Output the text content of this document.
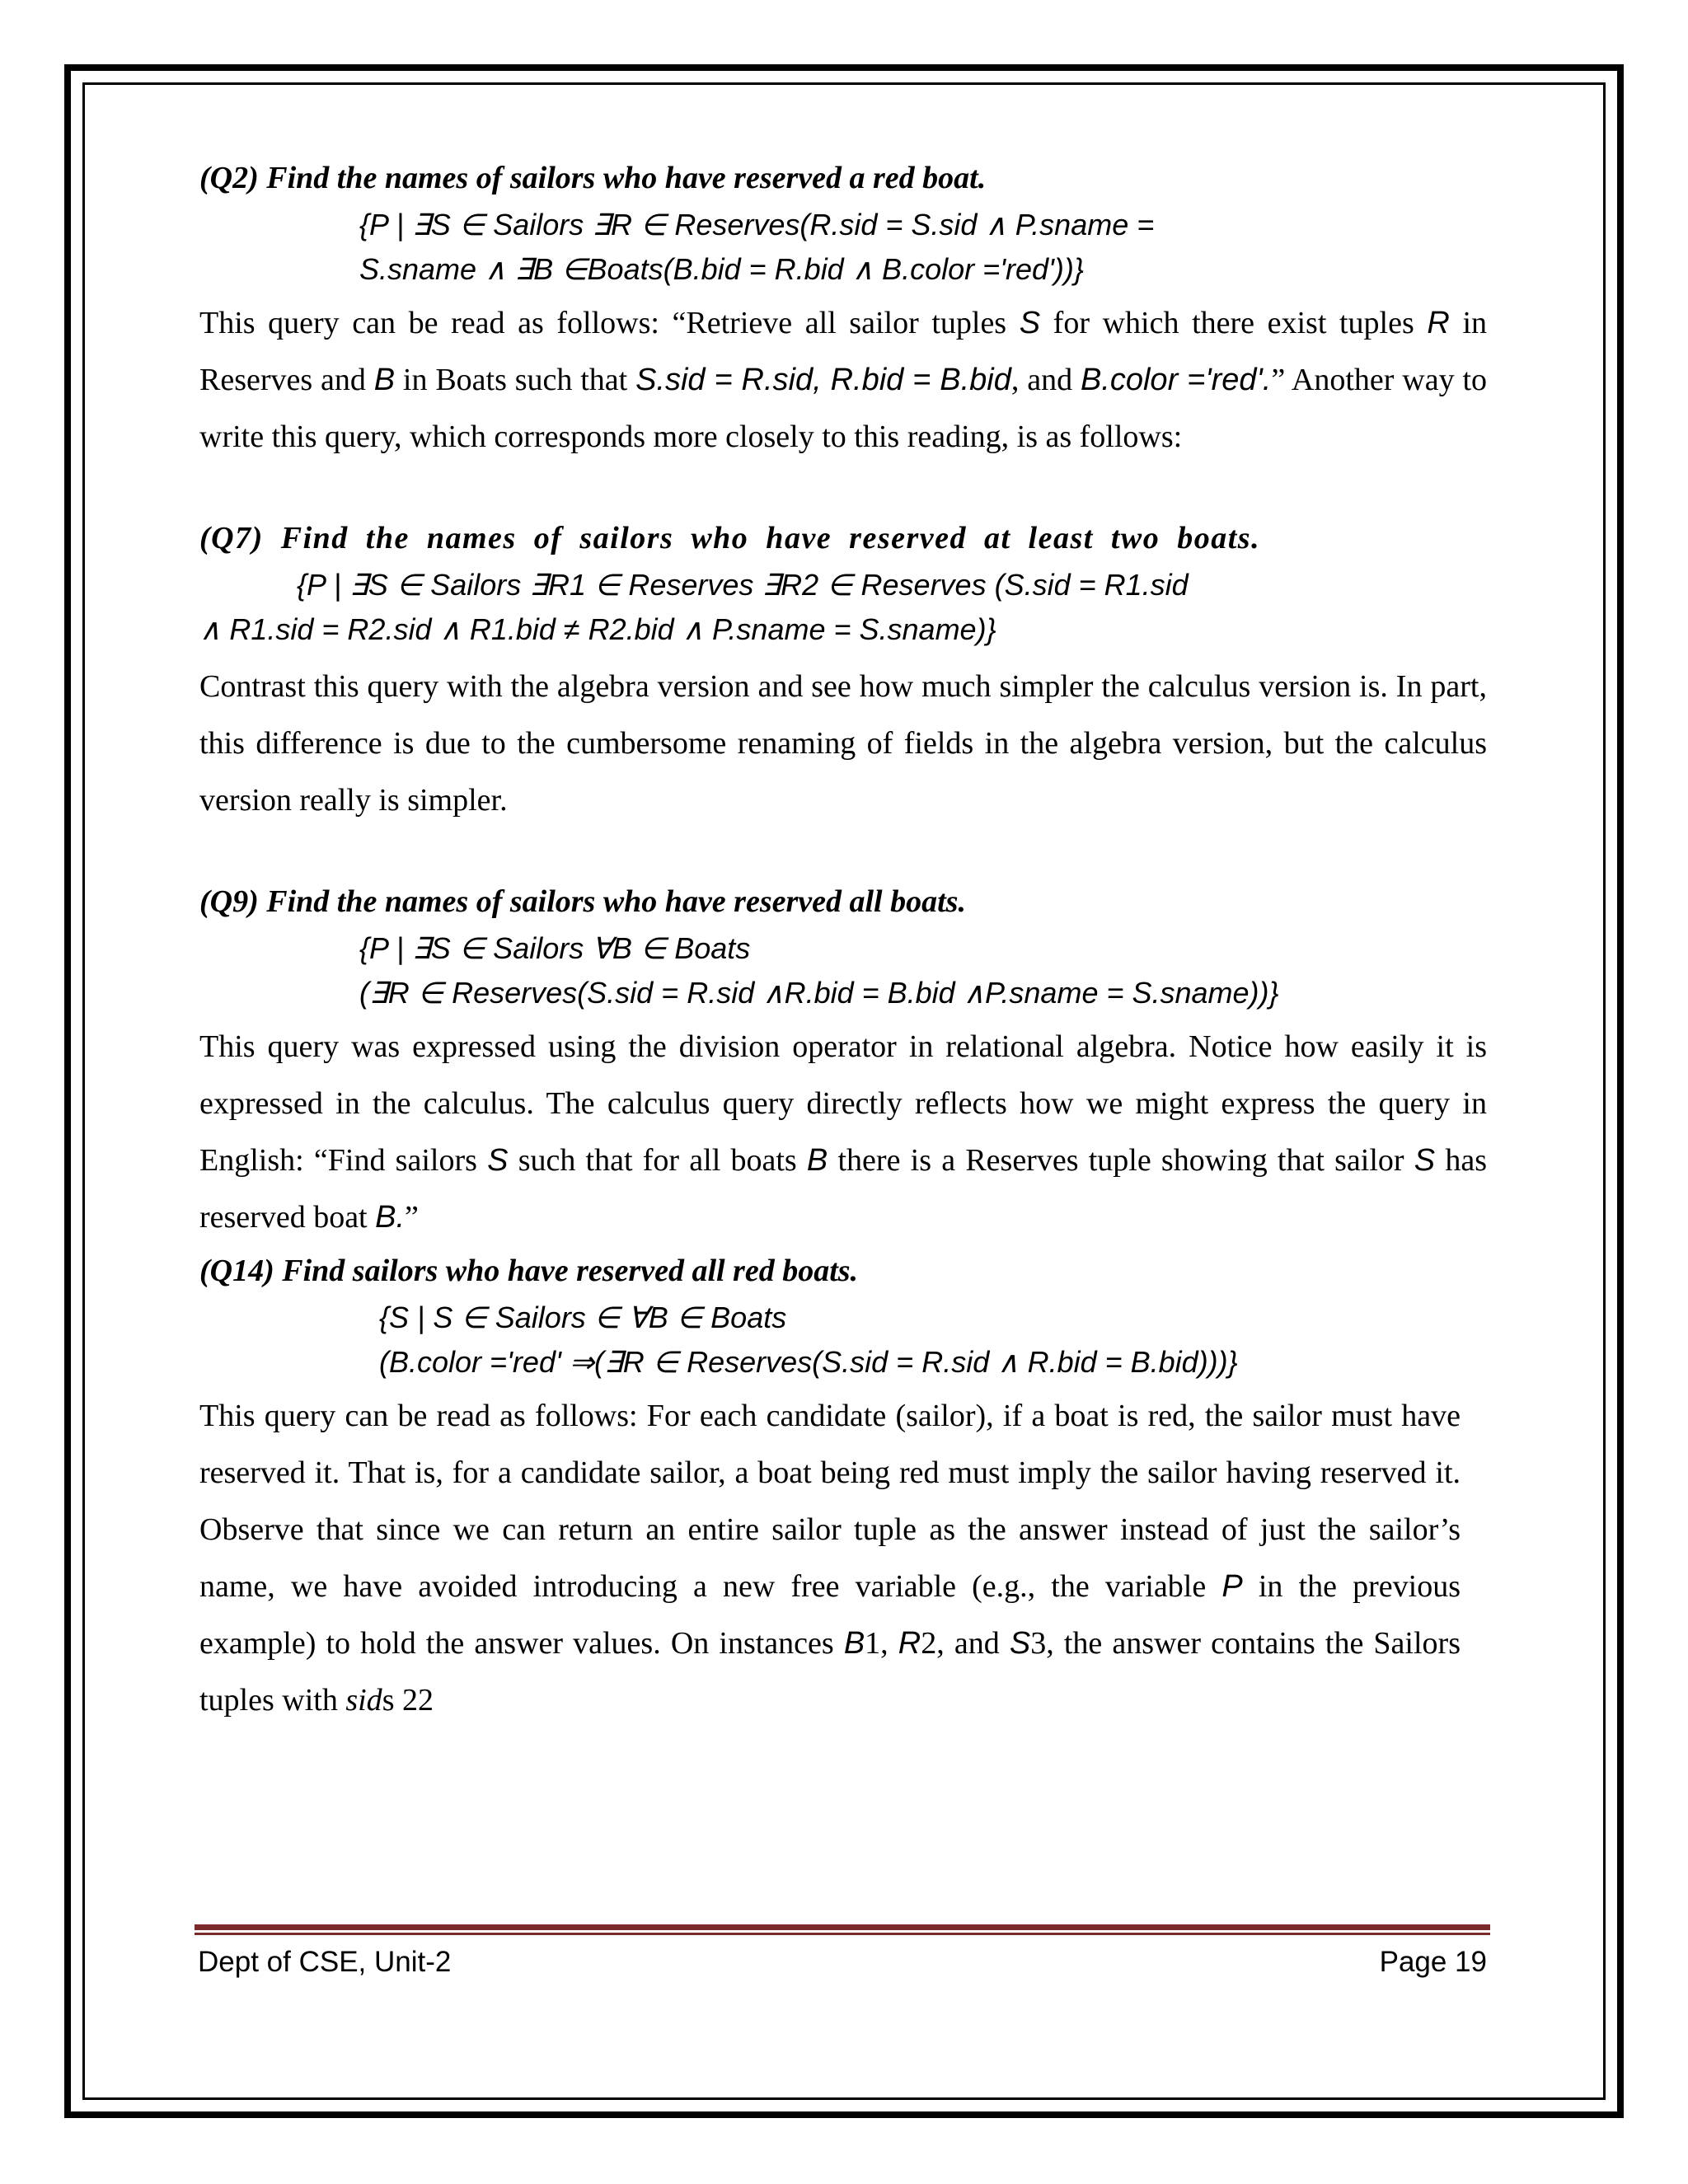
(Q2) Find the names of sailors who have reserved a red boat.

{P | ∃S ∈ Sailors ∃R ∈ Reserves(R.sid = S.sid ∧ P.sname =
S.sname ∧ ∃B ∈Boats(B.bid = R.bid ∧ B.color ='red'))}

This query can be read as follows: “Retrieve all sailor tuples S for which there exist tuples R in Reserves and B in Boats such that S.sid = R.sid, R.bid = B.bid, and B.color ='red'.” Another way to write this query, which corresponds more closely to this reading, is as follows:

(Q7) Find the names of sailors who have reserved at least two boats.

{P | ∃S ∈ Sailors ∃R1 ∈ Reserves ∃R2 ∈ Reserves (S.sid = R1.sid
∧ R1.sid = R2.sid ∧ R1.bid ≠ R2.bid ∧ P.sname = S.sname)}

Contrast this query with the algebra version and see how much simpler the calculus version is. In part, this difference is due to the cumbersome renaming of fields in the algebra version, but the calculus version really is simpler.

(Q9) Find the names of sailors who have reserved all boats.

{P | ∃S ∈ Sailors ∀B ∈ Boats
(∃R ∈ Reserves(S.sid = R.sid ∧R.bid = B.bid ∧P.sname = S.sname))}

This query was expressed using the division operator in relational algebra. Notice how easily it is expressed in the calculus. The calculus query directly reflects how we might express the query in English: “Find sailors S such that for all boats B there is a Reserves tuple showing that sailor S has reserved boat B.”

(Q14) Find sailors who have reserved all red boats.

{S | S ∈ Sailors ∈ ∀B ∈ Boats
(B.color ='red' ⇒(∃R ∈ Reserves(S.sid = R.sid ∧ R.bid = B.bid)))}

This query can be read as follows: For each candidate (sailor), if a boat is red, the sailor must have reserved it. That is, for a candidate sailor, a boat being red must imply the sailor having reserved it. Observe that since we can return an entire sailor tuple as the answer instead of just the sailor’s name, we have avoided introducing a new free variable (e.g., the variable P in the previous example) to hold the answer values. On instances B1, R2, and S3, the answer contains the Sailors tuples with sids 22

Dept of CSE, Unit-2	Page 19
